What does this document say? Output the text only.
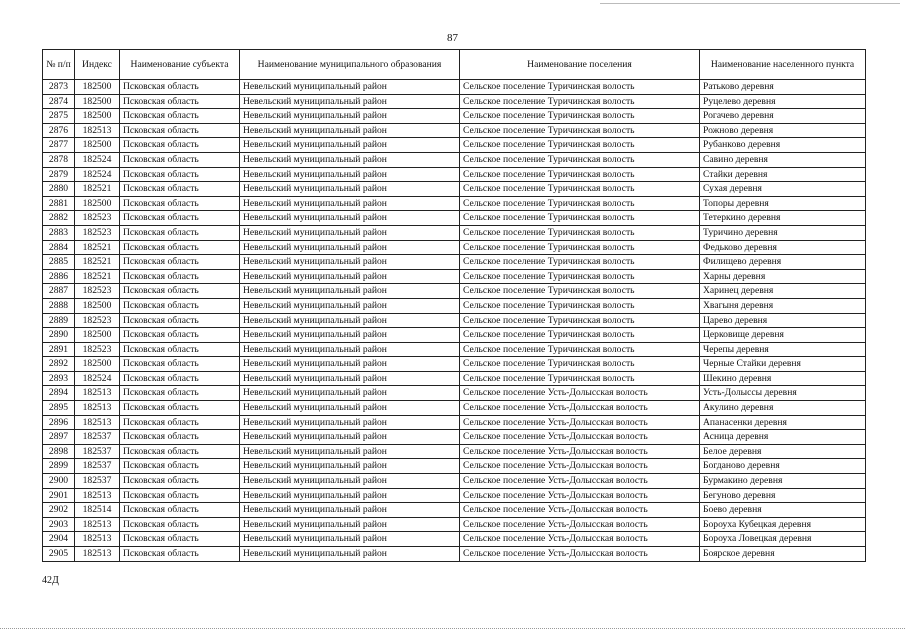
87
№ п/п	Индекс	Наименование субъекта	Наименование муниципального образования	Наименование поселения	Наименование населенного пункта
2873	182500	Псковская область	Невельский муниципальный район	Сельское поселение Туричинская волость	Ратьково деревня
2874	182500	Псковская область	Невельский муниципальный район	Сельское поселение Туричинская волость	Руцелево деревня
2875	182500	Псковская область	Невельский муниципальный район	Сельское поселение Туричинская волость	Рогачево деревня
2876	182513	Псковская область	Невельский муниципальный район	Сельское поселение Туричинская волость	Рожново деревня
2877	182500	Псковская область	Невельский муниципальный район	Сельское поселение Туричинская волость	Рубанково деревня
2878	182524	Псковская область	Невельский муниципальный район	Сельское поселение Туричинская волость	Савино деревня
2879	182524	Псковская область	Невельский муниципальный район	Сельское поселение Туричинская волость	Стайки деревня
2880	182521	Псковская область	Невельский муниципальный район	Сельское поселение Туричинская волость	Сухая деревня
2881	182500	Псковская область	Невельский муниципальный район	Сельское поселение Туричинская волость	Топоры деревня
2882	182523	Псковская область	Невельский муниципальный район	Сельское поселение Туричинская волость	Тетеркино деревня
2883	182523	Псковская область	Невельский муниципальный район	Сельское поселение Туричинская волость	Туричино деревня
2884	182521	Псковская область	Невельский муниципальный район	Сельское поселение Туричинская волость	Федьково деревня
2885	182521	Псковская область	Невельский муниципальный район	Сельское поселение Туричинская волость	Филищево деревня
2886	182521	Псковская область	Невельский муниципальный район	Сельское поселение Туричинская волость	Харны деревня
2887	182523	Псковская область	Невельский муниципальный район	Сельское поселение Туричинская волость	Харинец деревня
2888	182500	Псковская область	Невельский муниципальный район	Сельское поселение Туричинская волость	Хвагыня деревня
2889	182523	Псковская область	Невельский муниципальный район	Сельское поселение Туричинская волость	Царево деревня
2890	182500	Псковская область	Невельский муниципальный район	Сельское поселение Туричинская волость	Церковище деревня
2891	182523	Псковская область	Невельский муниципальный район	Сельское поселение Туричинская волость	Черепы деревня
2892	182500	Псковская область	Невельский муниципальный район	Сельское поселение Туричинская волость	Черные Стайки деревня
2893	182524	Псковская область	Невельский муниципальный район	Сельское поселение Туричинская волость	Шекино деревня
2894	182513	Псковская область	Невельский муниципальный район	Сельское поселение Усть-Долысская волость	Усть-Долыссы деревня
2895	182513	Псковская область	Невельский муниципальный район	Сельское поселение Усть-Долысская волость	Акулино деревня
2896	182513	Псковская область	Невельский муниципальный район	Сельское поселение Усть-Долысская волость	Апанасенки деревня
2897	182537	Псковская область	Невельский муниципальный район	Сельское поселение Усть-Долысская волость	Асница деревня
2898	182537	Псковская область	Невельский муниципальный район	Сельское поселение Усть-Долысская волость	Белое деревня
2899	182537	Псковская область	Невельский муниципальный район	Сельское поселение Усть-Долысская волость	Богданово деревня
2900	182537	Псковская область	Невельский муниципальный район	Сельское поселение Усть-Долысская волость	Бурмакино деревня
2901	182513	Псковская область	Невельский муниципальный район	Сельское поселение Усть-Долысская волость	Бегуново деревня
2902	182514	Псковская область	Невельский муниципальный район	Сельское поселение Усть-Долысская волость	Боево деревня
2903	182513	Псковская область	Невельский муниципальный район	Сельское поселение Усть-Долысская волость	Бороуха Кубецкая деревня
2904	182513	Псковская область	Невельский муниципальный район	Сельское поселение Усть-Долысская волость	Бороуха Ловецкая деревня
2905	182513	Псковская область	Невельский муниципальный район	Сельское поселение Усть-Долысская волость	Боярское деревня
42Д
